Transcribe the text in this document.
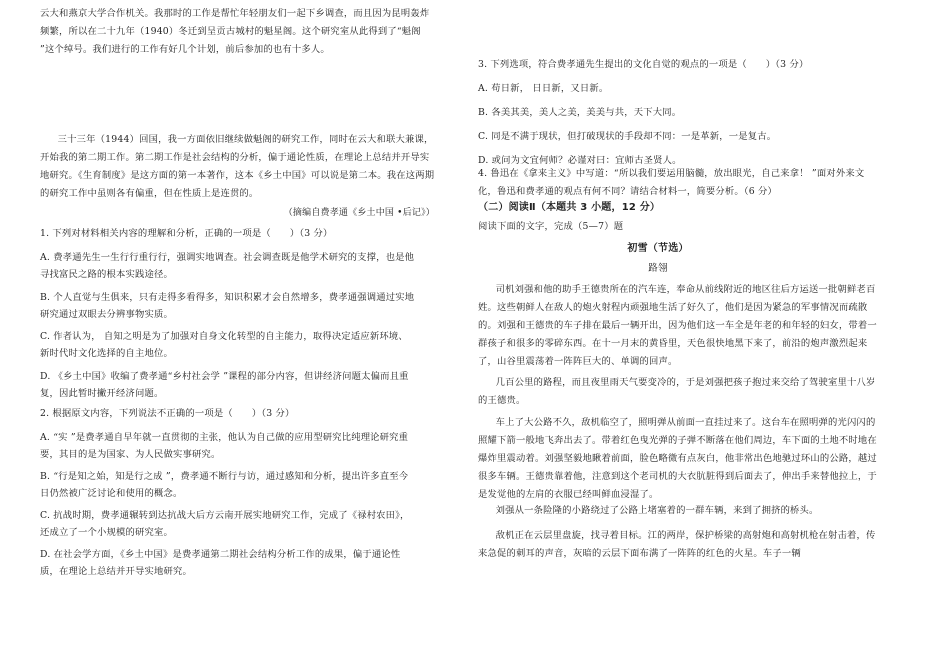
云大和燕京大学合作机关。我那时的工作是帮忙年轻朋友们一起下乡调查，而且因为昆明轰炸频繁，所以在二十九年（1940）冬迁到呈贡古城村的魁星阁。这个研究室从此得到了“魁阁 ”这个绰号。我们进行的工作有好几个计划，前后参加的也有十多人。

三十三年（1944）回国，我一方面依旧继续做魁阁的研究工作，同时在云大和联大兼课，开始我的第二期工作。第二期工作是社会结构的分析，偏于通论性质，在理论上总结并开导实地研究。《生育制度》是这方面的第一本著作，这本《乡土中国》可以说是第二本。我在这两期的研究工作中虽则各有偏重，但在性质上是连贯的。

（摘编自费孝通《乡土中国 •后记》）

1. 下列对材料相关内容的理解和分析，正确的一项是（　　）（3 分）

A. 费孝通先生一生行行重行行，强调实地调查。社会调查既是他学术研究的支撑，也是他寻找富民之路的根本实践途径。

B. 个人直觉与生俱来，只有走得多看得多，知识积累才会自然增多，费孝通强调通过实地研究通过双眼去分辨事物实质。

C. 作者认为， 自知之明是为了加强对自身文化转型的自主能力，取得决定适应新环境、新时代时文化选择的自主地位。

D. 《乡土中国》收编了费孝通“乡村社会学 ”课程的部分内容，但讲经济问题太偏而且重复，因此暂时撇开经济问题。

2. 根据原文内容，下列说法不正确的一项是（　　）（3 分）

A. “实 ”是费孝通自早年就一直贯彻的主张，他认为自己做的应用型研究比纯理论研究重要，其目的是为国家、为人民做实事研究。

B. “行是知之始，知是行之成 ”，费孝通不断行与访，通过感知和分析，提出许多直至今日仍然被广泛讨论和使用的概念。

C. 抗战时期，费孝通辗转到达抗战大后方云南开展实地研究工作，完成了《禄村农田》， 还成立了一个小规模的研究室。

D. 在社会学方面，《乡土中国》是费孝通第二期社会结构分析工作的成果，偏于通论性质，在理论上总结并开导实地研究。

3. 下列选项，符合费孝通先生提出的文化自觉的观点的一项是（　　）（3 分）

A. 苟日新， 日日新，又日新。

B. 各美其美，美人之美，美美与共，天下大同。

C. 同是不满于现状，但打破现状的手段却不同：一是革新，一是复古。

D. 或问为文宜何师？必谨对曰：宜师古圣贤人。

4. 鲁迅在《拿来主义》中写道：“所以我们要运用脑髓，放出眼光，自己来拿！ ”面对外来文化，鲁迅和费孝通的观点有何不同？请结合材料一，简要分析。（6 分）

（二）阅读Ⅱ（本题共 3 小题，12 分）

阅读下面的文字，完成（5—7）题

初雪（节选）

路翎

司机刘强和他的助手王德贵所在的汽车连，奉命从前线附近的地区往后方运送一批朝鲜老百姓。这些朝鲜人在敌人的炮火射程内顽强地生活了好久了，他们是因为紧急的军事情况而疏散的。刘强和王德贵的车子排在最后一辆开出，因为他们这一车全是年老的和年轻的妇女，带着一群孩子和很多的零碎东西。在十一月末的黄昏里，天色很快地黑下来了，前沿的炮声激烈起来了，山谷里震荡着一阵阵巨大的、单调的回声。

几百公里的路程，而且夜里雨天气要变冷的，于是刘强把孩子抱过来交给了驾驶室里十八岁的王德贵。

车上了大公路不久，敌机临空了，照明弹从前面一直挂过来了。这台车在照明弹的光闪闪的照耀下箭一般地飞奔出去了。带着红色曳光弹的子弹不断落在他们周边，车下面的土地不时地在爆炸里震动着。刘强坚毅地瞅着前面，脸色略微有点灰白，他非常出色地驰过环山的公路，越过很多车辆。王德贵靠着他，注意到这个老司机的大衣肮脏得到后面去了，伸出手来替他拉上，于是发觉他的左肩的衣服已经叫鲜血浸湿了。

刘强从一条险隆的小路绕过了公路上堵塞着的一群车辆，来到了拥挤的桥头。

敌机正在云层里盘旋，找寻着目标。江的两岸，保护桥梁的高射炮和高射机枪在射击着，传来急促的刺耳的声音，灰暗的云层下面布满了一阵阵的红色的火星。车子一辆
